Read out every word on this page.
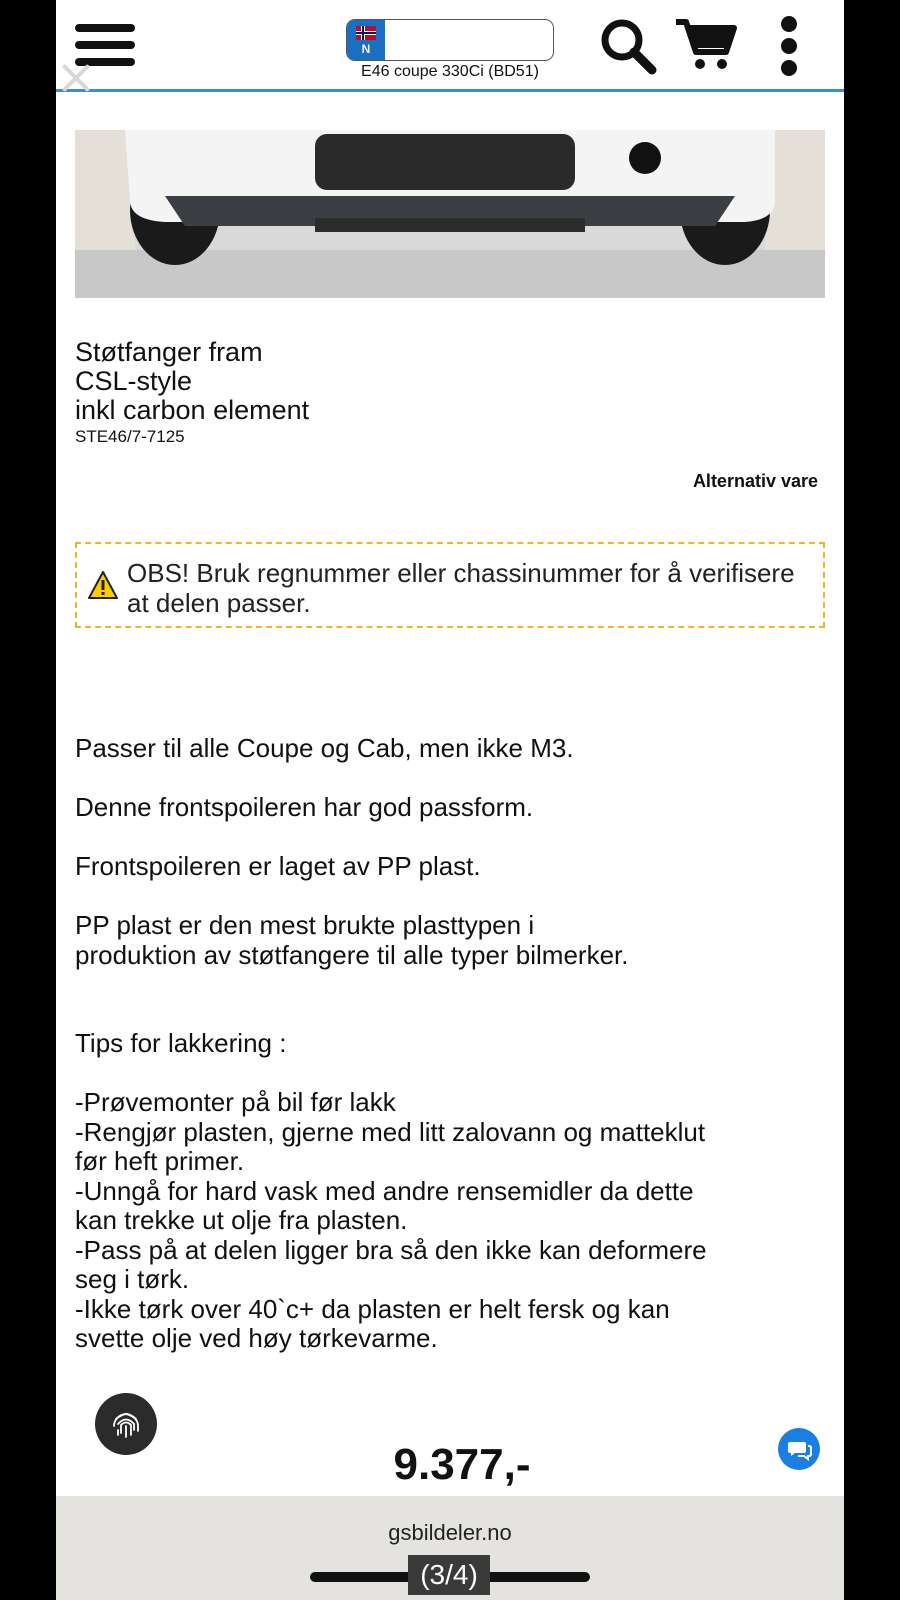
N
E46 coupe 330Ci (BD51)
Støtfanger fram
CSL-style
inkl carbon element
STE46/7-7125
Alternativ vare
OBS! Bruk regnummer eller chassinummer for å verifisere at delen passer.

Passer til alle Coupe og Cab, men ikke M3.

Denne frontspoileren har god passform.

Frontspoileren er laget av PP plast.

PP plast er den mest brukte plasttypen i

produktion av støtfangere til alle typer bilmerker.

Tips for lakkering :

-Prøvemonter på bil før lakk

-Rengjør plasten, gjerne med litt zalovann og matteklut

før heft primer.

-Unngå for hard vask med andre rensemidler da dette

kan trekke ut olje fra plasten.

-Pass på at delen ligger bra så den ikke kan deformere

seg i tørk.

-Ikke tørk over 40`c+ da plasten er helt fersk og kan

svette olje ved høy tørkevarme.

9.377,-
gsbildeler.no
(3/4)
